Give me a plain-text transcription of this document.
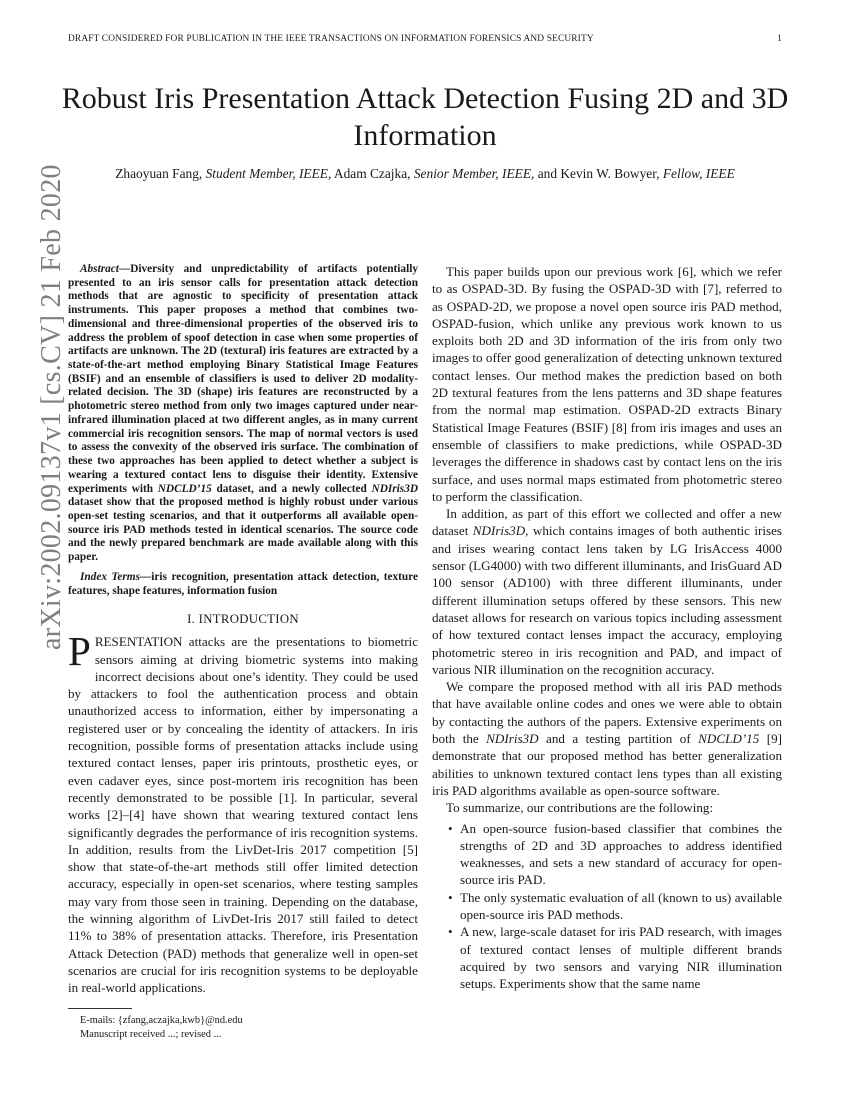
DRAFT CONSIDERED FOR PUBLICATION IN THE IEEE TRANSACTIONS ON INFORMATION FORENSICS AND SECURITY	1
arXiv:2002.09137v1 [cs.CV] 21 Feb 2020
Robust Iris Presentation Attack Detection Fusing 2D and 3D Information
Zhaoyuan Fang, Student Member, IEEE, Adam Czajka, Senior Member, IEEE, and Kevin W. Bowyer, Fellow, IEEE

Abstract—Diversity and unpredictability of artifacts potentially presented to an iris sensor calls for presentation attack detection methods that are agnostic to specificity of presentation attack instruments. This paper proposes a method that combines two-dimensional and three-dimensional properties of the observed iris to address the problem of spoof detection in case when some properties of artifacts are unknown. The 2D (textural) iris features are extracted by a state-of-the-art method employing Binary Statistical Image Features (BSIF) and an ensemble of classifiers is used to deliver 2D modality-related decision. The 3D (shape) iris features are reconstructed by a photometric stereo method from only two images captured under near-infrared illumination placed at two different angles, as in many current commercial iris recognition sensors. The map of normal vectors is used to assess the convexity of the observed iris surface. The combination of these two approaches has been applied to detect whether a subject is wearing a textured contact lens to disguise their identity. Extensive experiments with NDCLD’15 dataset, and a newly collected NDIris3D dataset show that the proposed method is highly robust under various open-set testing scenarios, and that it outperforms all available open-source iris PAD methods tested in identical scenarios. The source code and the newly prepared benchmark are made available along with this paper.

Index Terms—iris recognition, presentation attack detection, texture features, shape features, information fusion

I. INTRODUCTION

PRESENTATION attacks are the presentations to biometric sensors aiming at driving biometric systems into making incorrect decisions about one’s identity. They could be used by attackers to fool the authentication process and obtain unauthorized access to information, either by impersonating a registered user or by concealing the identity of attackers. In iris recognition, possible forms of presentation attacks include using textured contact lenses, paper iris printouts, prosthetic eyes, or even cadaver eyes, since post-mortem iris recognition has been recently demonstrated to be possible [1]. In particular, several works [2]–[4] have shown that wearing textured contact lens significantly degrades the performance of iris recognition systems. In addition, results from the LivDet-Iris 2017 competition [5] show that state-of-the-art methods still offer limited detection accuracy, especially in open-set scenarios, where testing samples may vary from those seen in training. Depending on the database, the winning algorithm of LivDet-Iris 2017 still failed to detect 11% to 38% of presentation attacks. Therefore, iris Presentation Attack Detection (PAD) methods that generalize well in open-set scenarios are crucial for iris recognition systems to be deployable in real-world applications.

This paper builds upon our previous work [6], which we refer to as OSPAD-3D. By fusing the OSPAD-3D with [7], referred to as OSPAD-2D, we propose a novel open source iris PAD method, OSPAD-fusion, which unlike any previous work known to us exploits both 2D and 3D information of the iris from only two images to offer good generalization of detecting unknown textured contact lenses. Our method makes the prediction based on both 2D textural features from the lens patterns and 3D shape features from the normal map estimation. OSPAD-2D extracts Binary Statistical Image Features (BSIF) [8] from iris images and uses an ensemble of classifiers to make predictions, while OSPAD-3D leverages the difference in shadows cast by contact lens on the iris surface, and uses normal maps estimated from photometric stereo to perform the classification.

In addition, as part of this effort we collected and offer a new dataset NDIris3D, which contains images of both authentic irises and irises wearing contact lens taken by LG IrisAccess 4000 sensor (LG4000) with two different illuminants, and IrisGuard AD 100 sensor (AD100) with three different illuminants, under different illumination setups offered by these sensors. This new dataset allows for research on various topics including assessment of how textured contact lenses impact the accuracy, employing photometric stereo in iris recognition and PAD, and impact of various NIR illumination on the recognition accuracy.

We compare the proposed method with all iris PAD methods that have available online codes and ones we were able to obtain by contacting the authors of the papers. Extensive experiments on both the NDIris3D and a testing partition of NDCLD’15 [9] demonstrate that our proposed method has better generalization abilities to unknown textured contact lens types than all existing iris PAD algorithms available as open-source software.

To summarize, our contributions are the following:

• An open-source fusion-based classifier that combines the strengths of 2D and 3D approaches to address identified weaknesses, and sets a new standard of accuracy for open-source iris PAD.
• The only systematic evaluation of all (known to us) available open-source iris PAD methods.
• A new, large-scale dataset for iris PAD research, with images of textured contact lenses of multiple different brands acquired by two sensors and varying NIR illumination setups. Experiments show that the same name
E-mails: {zfang,aczajka,kwb}@nd.edu
Manuscript received ...; revised ...
